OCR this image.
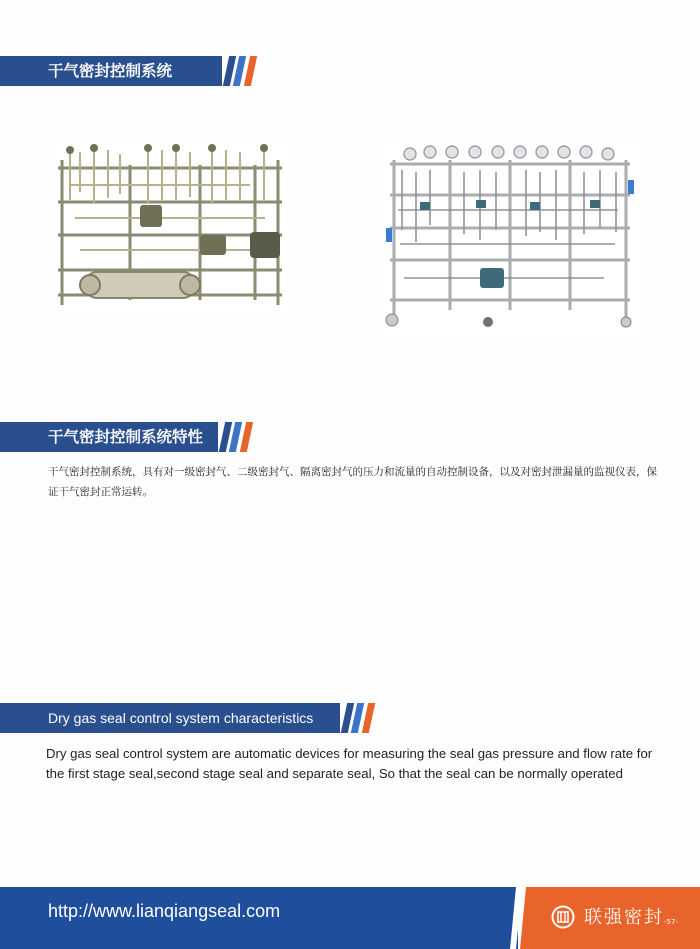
干气密封控制系统
干气密封控制系统特性
干气密封控制系统，具有对一级密封气、二级密封气、隔离密封气的压力和流量的自动控制设备，以及对密封泄漏量的监视仪表，保证干气密封正常运转。
Dry gas seal control system characteristics
Dry gas seal control system are automatic devices for measuring the seal gas pressure and flow rate for the first stage seal,second stage seal and separate seal, So that the seal can be normally operated
http://www.lianqiangseal.com	联强密封 -57-
